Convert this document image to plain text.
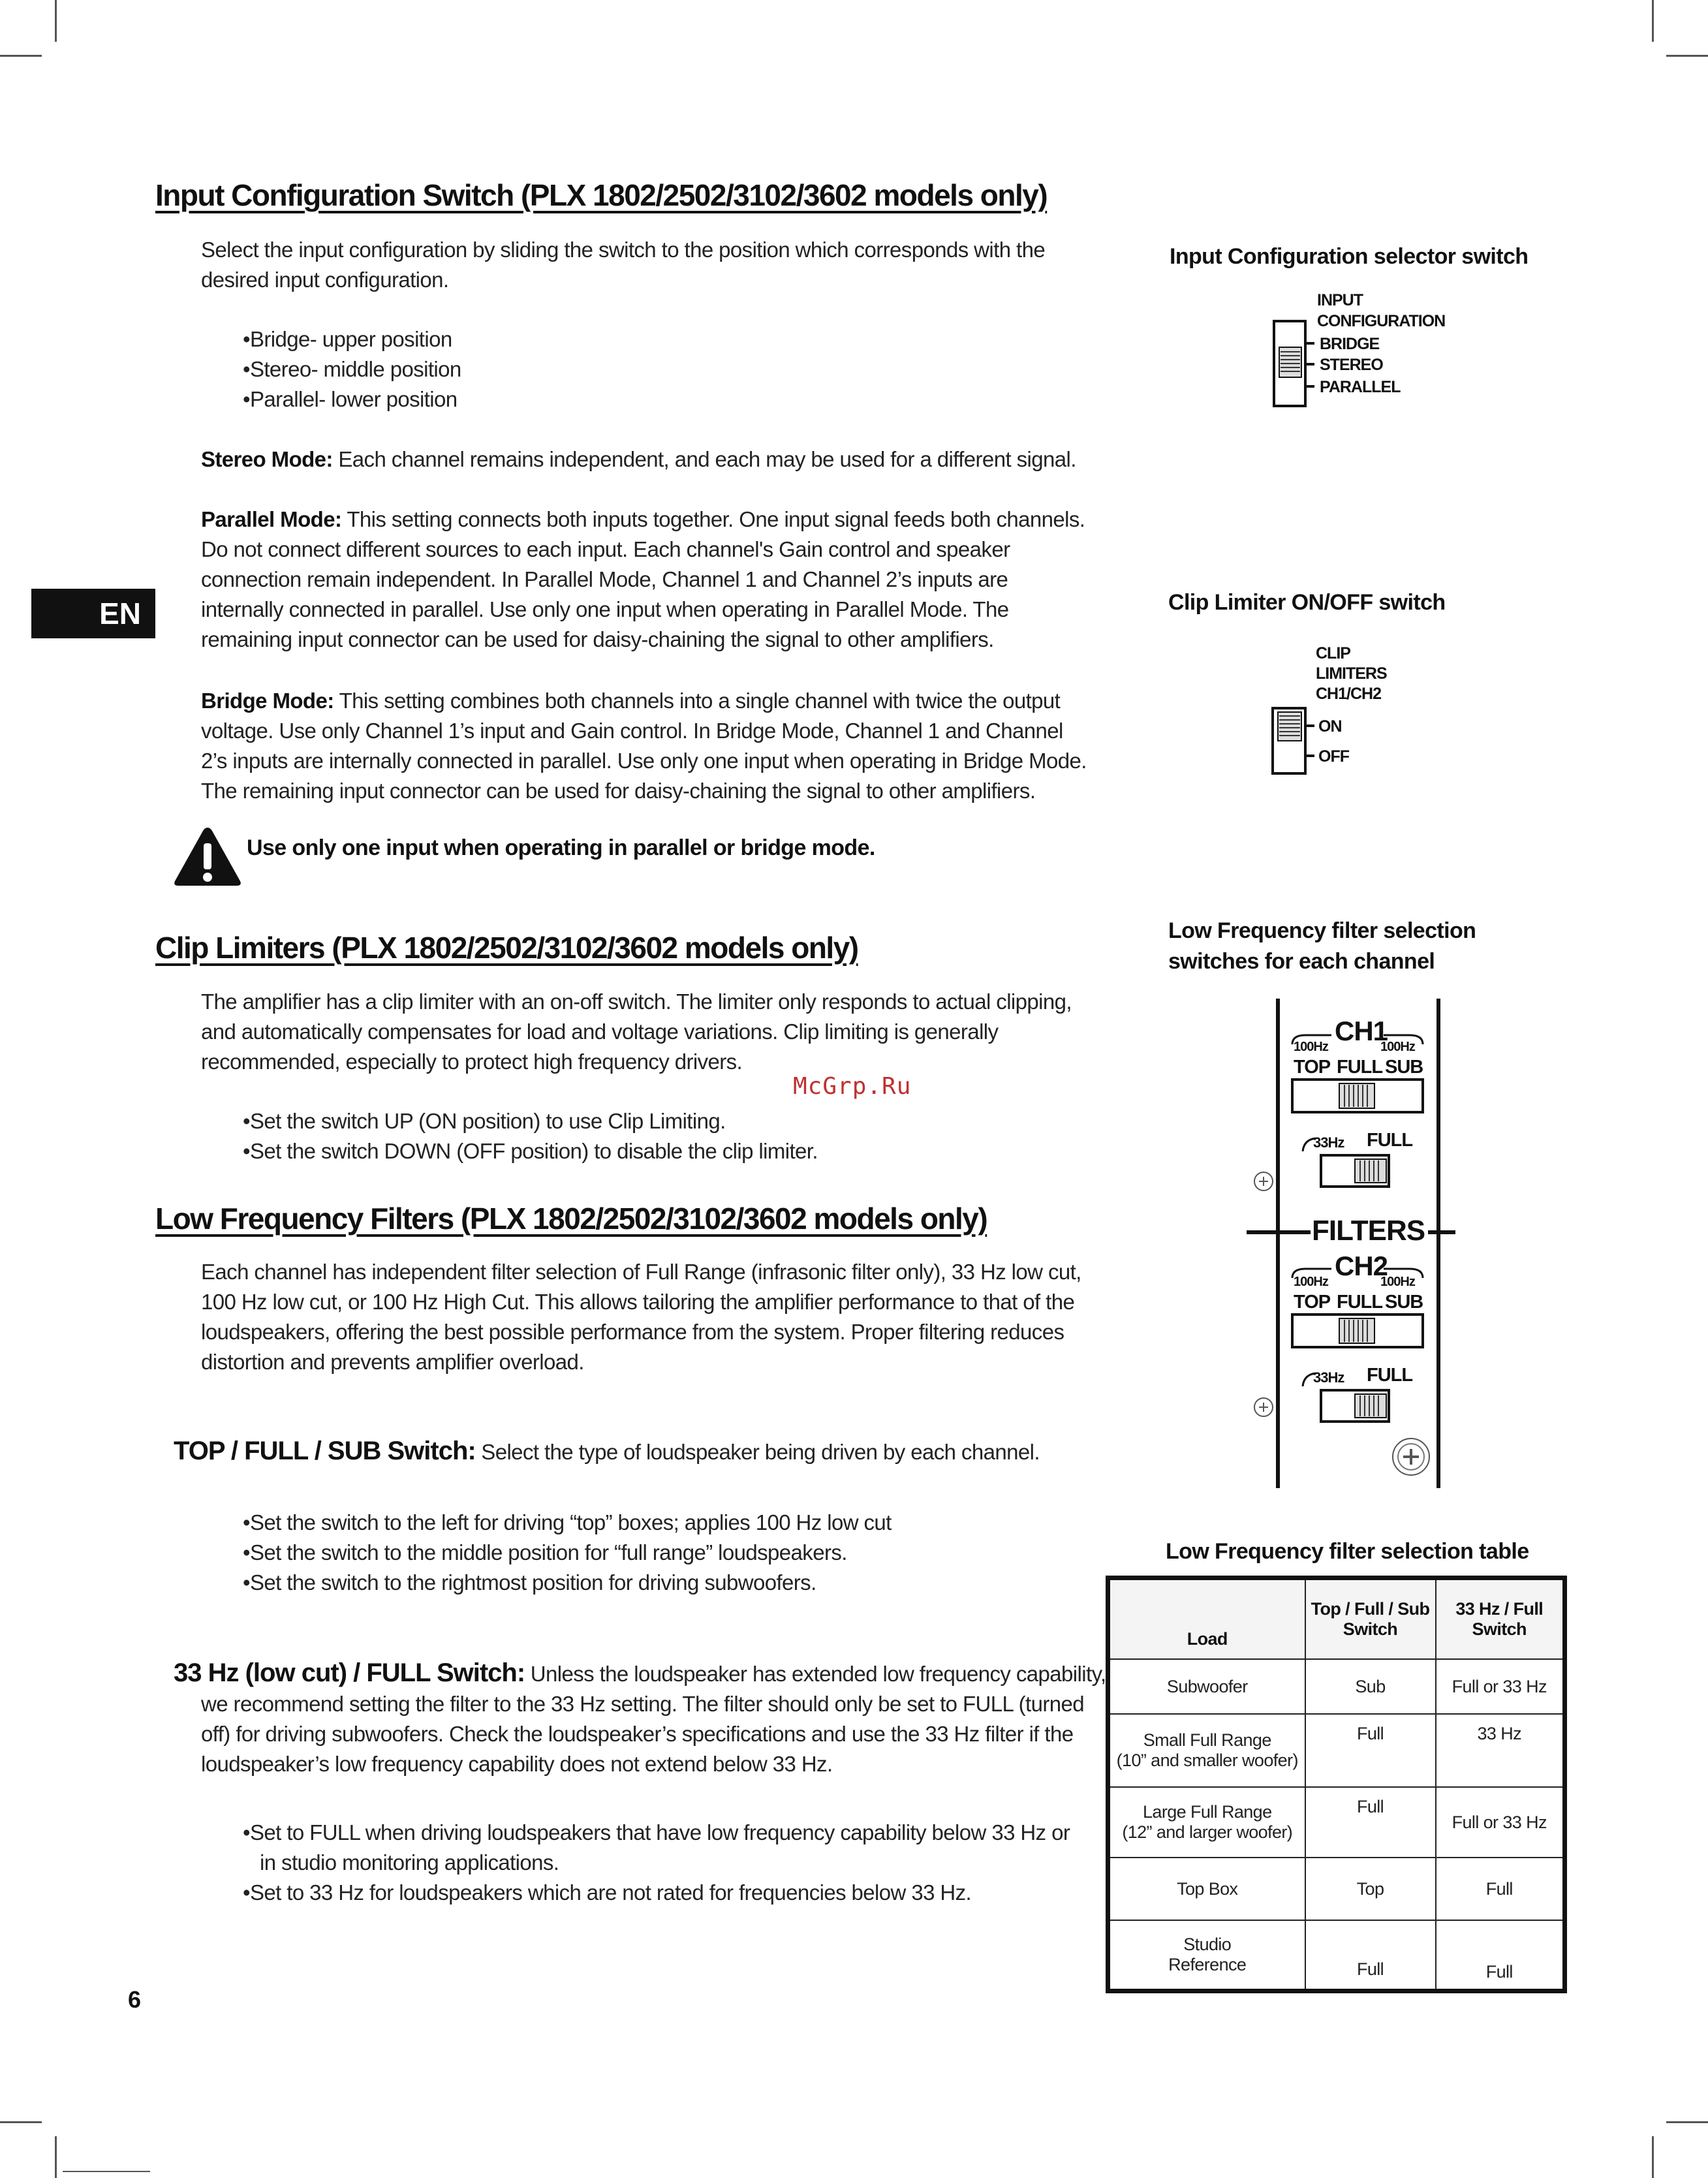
EN
Input Configuration Switch (PLX 1802/2502/3102/3602 models only)
Select the input configuration by sliding the switch to the position which corresponds with the desired input configuration.
•Bridge- upper position
•Stereo- middle position
•Parallel- lower position
Stereo Mode: Each channel remains independent, and each may be used for a different signal.
Parallel Mode: This setting connects both inputs together. One input signal feeds both channels. Do not connect different sources to each input. Each channel's Gain control and speaker connection remain independent. In Parallel Mode, Channel 1 and Channel 2’s inputs are internally connected in parallel. Use only one input when operating in Parallel Mode. The remaining input connector can be used for daisy-chaining the signal to other amplifiers.
Bridge Mode: This setting combines both channels into a single channel with twice the output voltage. Use only Channel 1’s input and Gain control. In Bridge Mode, Channel 1 and Channel 2’s inputs are internally connected in parallel. Use only one input when operating in Bridge Mode. The remaining input connector can be used for daisy-chaining the signal to other amplifiers.
Use only one input when operating in parallel or bridge mode.
Clip Limiters (PLX 1802/2502/3102/3602 models only)
The amplifier has a clip limiter with an on-off switch. The limiter only responds to actual clipping, and automatically compensates for load and voltage variations. Clip limiting is generally recommended, especially to protect high frequency drivers.
McGrp.Ru
•Set the switch UP (ON position) to use Clip Limiting.
•Set the switch DOWN (OFF position) to disable the clip limiter.
Low Frequency Filters (PLX 1802/2502/3102/3602 models only)
Each channel has independent filter selection of Full Range (infrasonic filter only), 33 Hz low cut, 100 Hz low cut, or 100 Hz High Cut. This allows tailoring the amplifier performance to that of the loudspeakers, offering the best possible performance from the system. Proper filtering reduces distortion and prevents amplifier overload.
TOP / FULL / SUB Switch: Select the type of loudspeaker being driven by each channel.
•Set the switch to the left for driving “top” boxes; applies 100 Hz low cut
•Set the switch to the middle position for “full range” loudspeakers.
•Set the switch to the rightmost position for driving subwoofers.
33 Hz (low cut) / FULL Switch: Unless the loudspeaker has extended low frequency capability, we recommend setting the filter to the 33 Hz setting. The filter should only be set to FULL (turned off) for driving subwoofers. Check the loudspeaker’s specifications and use the 33 Hz filter if the loudspeaker’s low frequency capability does not extend below 33 Hz.
•Set to FULL when driving loudspeakers that have low frequency capability below 33 Hz or in studio monitoring applications.
•Set to 33 Hz for loudspeakers which are not rated for frequencies below 33 Hz.
6
Input Configuration selector switch
INPUT
CONFIGURATION
BRIDGE
STEREO
PARALLEL
Clip Limiter ON/OFF switch
CLIP
LIMITERS
CH1/CH2
ON
OFF
Low Frequency filter selection
switches for each channel
100Hz	100Hz
CH1
TOP FULL SUB
33Hz FULL
FILTERS
100Hz	100Hz
CH2
TOP FULL SUB
33Hz FULL
Low Frequency filter selection table
Load	Top / Full / Sub Switch	33 Hz / Full Switch
Subwoofer	Sub	Full or 33 Hz

Small Full Range
(10” and smaller woofer)	Full	33 Hz

Large Full Range
(12” and larger woofer)	Full	Full or 33 Hz
Top Box	Top	Full

Studio
Reference	Full	Full
